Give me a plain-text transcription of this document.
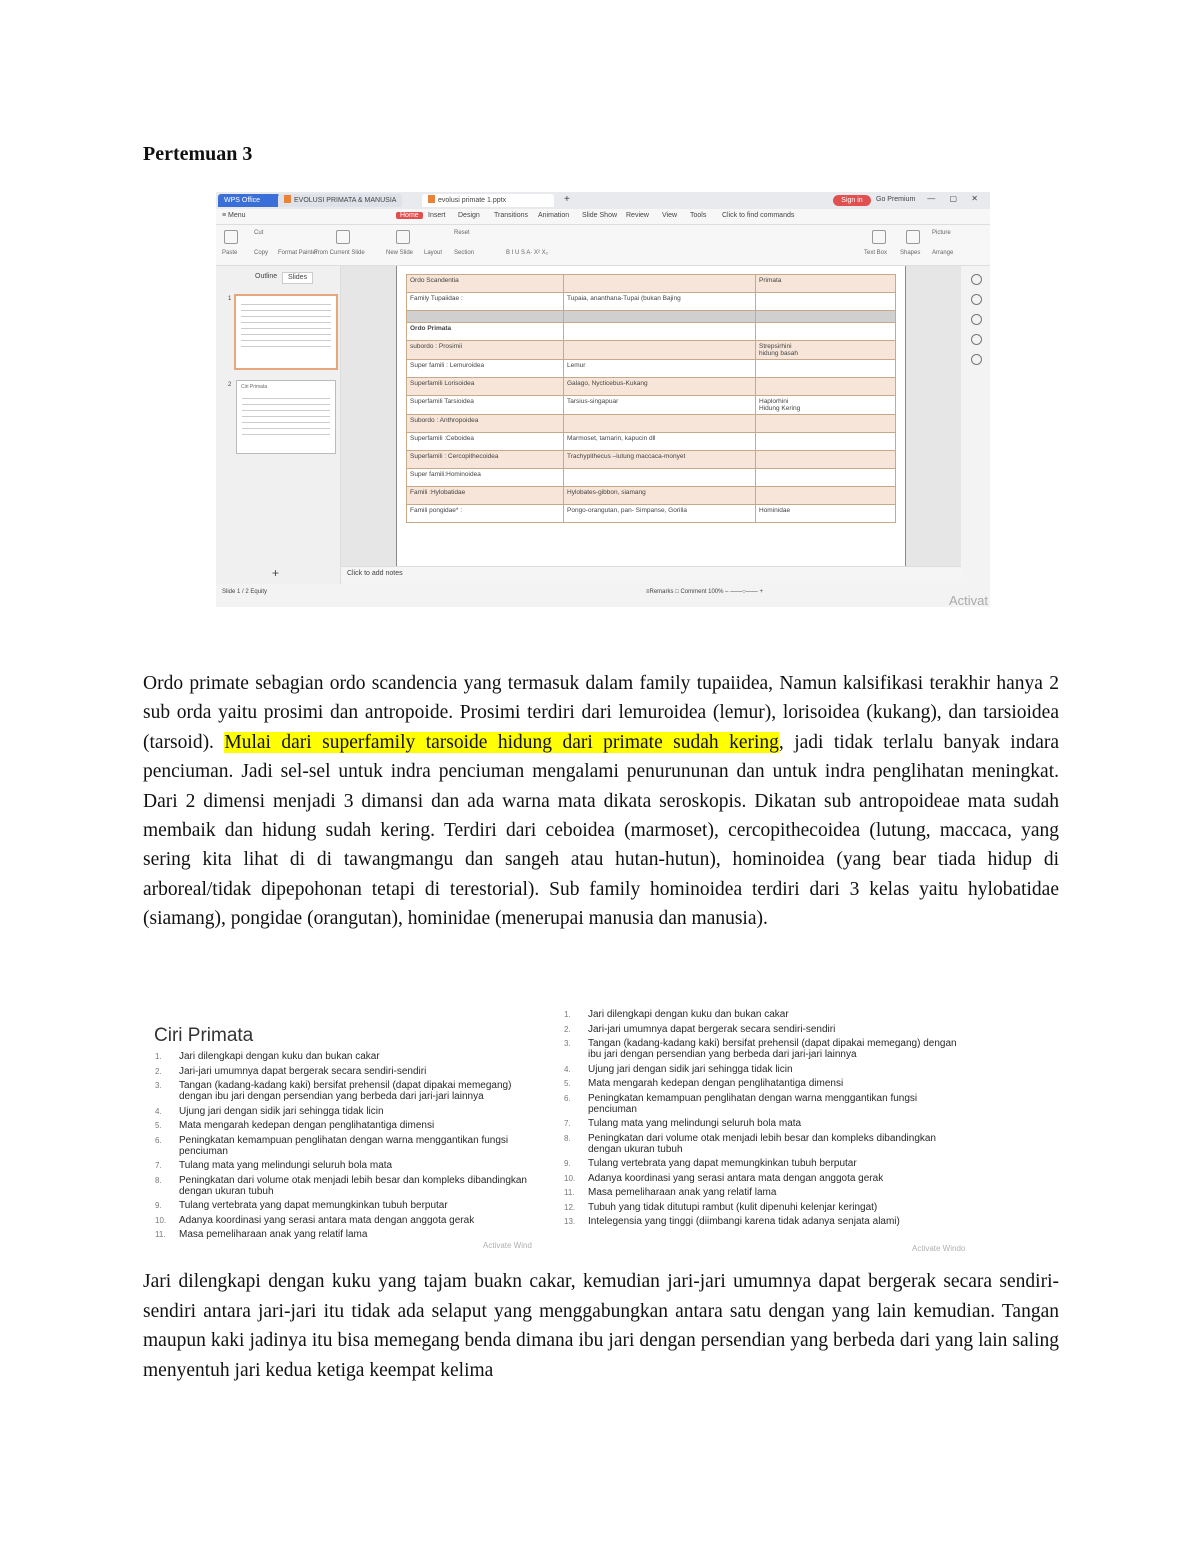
Pertemuan 3
WPS Office	EVOLUSI PRIMATA & MANUSIA	evolusi primate 1.pptx	+	Sign in	Go Premium	— ▢ ✕
≡ Menu	Home	Insert Design Transitions Animation Slide Show Review View Tools Click to find commands
Paste
Cut
Copy Format Painter
From Current Slide	New Slide Layout
Reset
Section	B I U S A· X² X₂	Text Box Shapes
Picture
Arrange
Outline	Slides
1
2	Ciri Primata
+
Ordo Scandentia		Primata
Family Tupaiidae :	Tupaia, ananthana-Tupai (bukan Bajing	

Ordo Primata		
subordo : Prosimii		Strepsirhini
hidung basah
Super famili : Lemuroidea	Lemur	
Superfamili Lorisoidea	Galago, Nycticebus-Kukang	
Superfamili Tarsioidea	Tarsius-singapuar	Haplorhini
Hidung Kering
Subordo : Anthropoidea		
Superfamili :Ceboidea	Marmoset, tamarin, kapucin dll	
Superfamili : Cercopithecoidea	Trachypithecus –lutung maccaca-monyet	
Super famili:Hominoidea		
Famili :Hylobatidae	Hylobates-gibbon, siamang	
Famili pongidae* :	Pongo-orangutan, pan- Simpanse, Gorilla	Hominidae
Click to add notes
Slide 1 / 2 Equity	≡Remarks □ Comment 100% – ——○—— +
Activat
Ordo primate sebagian ordo scandencia yang termasuk dalam family tupaiidea, Namun kalsifikasi terakhir hanya 2 sub orda yaitu prosimi dan antropoide. Prosimi terdiri dari lemuroidea (lemur), lorisoidea (kukang), dan tarsioidea (tarsoid). Mulai dari superfamily tarsoide hidung dari primate sudah kering, jadi tidak terlalu banyak indara penciuman. Jadi sel-sel untuk indra penciuman mengalami penurununan dan untuk indra penglihatan meningkat. Dari 2 dimensi menjadi 3 dimansi dan ada warna mata dikata seroskopis. Dikatan sub antropoideae mata sudah membaik dan hidung sudah kering. Terdiri dari ceboidea (marmoset), cercopithecoidea (lutung, maccaca, yang sering kita lihat di di tawangmangu dan sangeh atau hutan-hutun), hominoidea (yang bear tiada hidup di arboreal/tidak dipepohonan tetapi di terestorial). Sub family hominoidea terdiri dari 3 kelas yaitu hylobatidae (siamang), pongidae (orangutan), hominidae (menerupai manusia dan manusia).
Ciri Primata
1.	Jari dilengkapi dengan kuku dan bukan cakar
2.	Jari-jari umumnya dapat bergerak secara sendiri-sendiri
3.	Tangan (kadang-kadang kaki) bersifat prehensil (dapat dipakai memegang) dengan ibu jari dengan persendian yang berbeda dari jari-jari lainnya
4.	Ujung jari dengan sidik jari sehingga tidak licin
5.	Mata mengarah kedepan dengan penglihatantiga dimensi
6.	Peningkatan kemampuan penglihatan dengan warna menggantikan fungsi penciuman
7.	Tulang mata yang melindungi seluruh bola mata
8.	Peningkatan dari volume otak menjadi lebih besar dan kompleks dibandingkan dengan ukuran tubuh
9.	Tulang vertebrata yang dapat memungkinkan tubuh berputar
10.	Adanya koordinasi yang serasi antara mata dengan anggota gerak
11.	Masa pemeliharaan anak yang relatif lama
Activate Wind
1.	Jari dilengkapi dengan kuku dan bukan cakar
2.	Jari-jari umumnya dapat bergerak secara sendiri-sendiri
3.	Tangan (kadang-kadang kaki) bersifat prehensil (dapat dipakai memegang) dengan ibu jari dengan persendian yang berbeda dari jari-jari lainnya
4.	Ujung jari dengan sidik jari sehingga tidak licin
5.	Mata mengarah kedepan dengan penglihatantiga dimensi
6.	Peningkatan kemampuan penglihatan dengan warna menggantikan fungsi penciuman
7.	Tulang mata yang melindungi seluruh bola mata
8.	Peningkatan dari volume otak menjadi lebih besar dan kompleks dibandingkan dengan ukuran tubuh
9.	Tulang vertebrata yang dapat memungkinkan tubuh berputar
10.	Adanya koordinasi yang serasi antara mata dengan anggota gerak
11.	Masa pemeliharaan anak yang relatif lama
12.	Tubuh yang tidak ditutupi rambut (kulit dipenuhi kelenjar keringat)
13.	Intelegensia yang tinggi (diimbangi karena tidak adanya senjata alami)
Activate Windo
Jari dilengkapi dengan kuku yang tajam buakn cakar, kemudian jari-jari umumnya dapat bergerak secara sendiri-sendiri antara jari-jari itu tidak ada selaput yang menggabungkan antara satu dengan yang lain kemudian. Tangan maupun kaki jadinya itu bisa memegang benda dimana ibu jari dengan persendian yang berbeda dari yang lain saling menyentuh jari kedua ketiga keempat kelima
